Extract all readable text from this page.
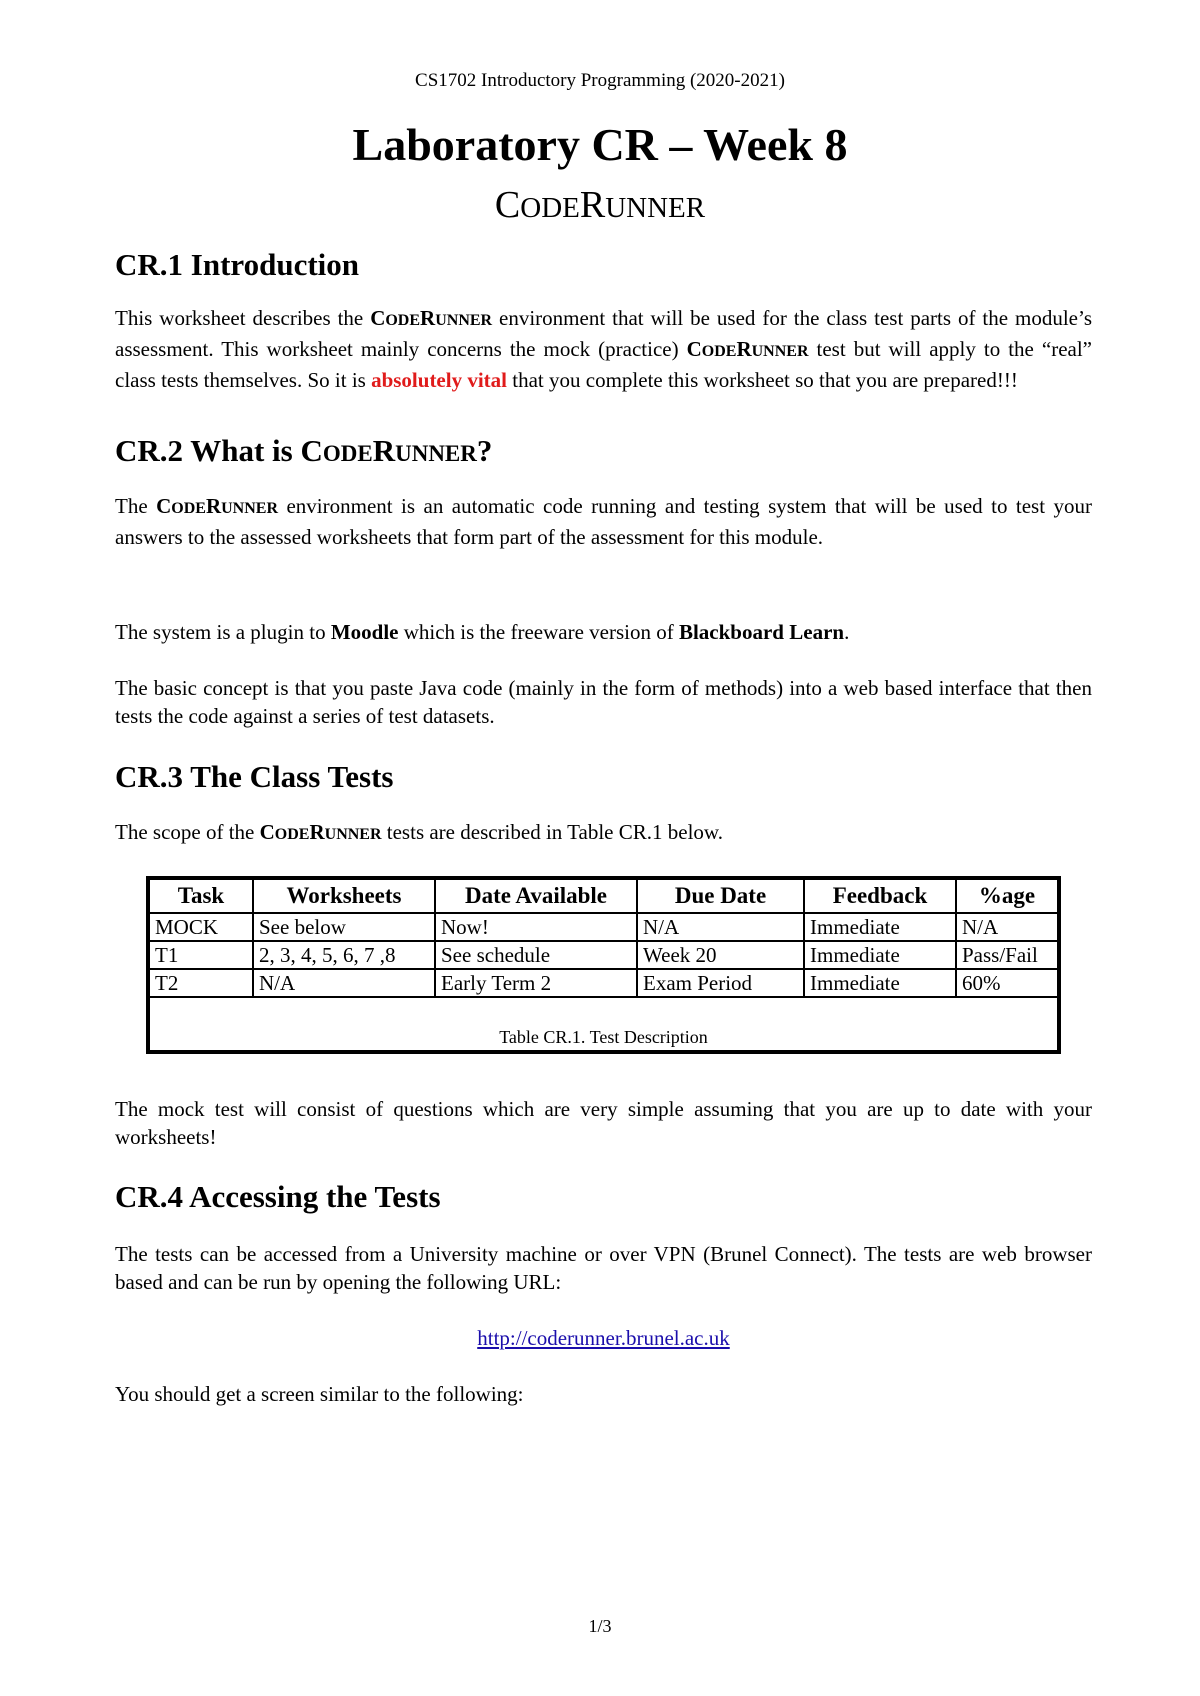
CS1702 Introductory Programming (2020-2021)
Laboratory CR – Week 8
CODERUNNER
CR.1 Introduction

This worksheet describes the CODERUNNER environment that will be used for the class test parts of the module’s assessment. This worksheet mainly concerns the mock (practice) CODERUNNER test but will apply to the “real” class tests themselves. So it is absolutely vital that you complete this worksheet so that you are prepared!!!

CR.2 What is CODERUNNER?

The CODERUNNER environment is an automatic code running and testing system that will be used to test your answers to the assessed worksheets that form part of the assessment for this module.

The system is a plugin to Moodle which is the freeware version of Blackboard Learn.

The basic concept is that you paste Java code (mainly in the form of methods) into a web based interface that then tests the code against a series of test datasets.

CR.3 The Class Tests

The scope of the CODERUNNER tests are described in Table CR.1 below.

Task	Worksheets	Date Available	Due Date	Feedback	%age
MOCK	See below	Now!	N/A	Immediate	N/A
T1	2, 3, 4, 5, 6, 7 ,8	See schedule	Week 20	Immediate	Pass/Fail
T2	N/A	Early Term 2	Exam Period	Immediate	60%
Table CR.1. Test Description					

The mock test will consist of questions which are very simple assuming that you are up to date with your worksheets!

CR.4 Accessing the Tests

The tests can be accessed from a University machine or over VPN (Brunel Connect). The tests are web browser based and can be run by opening the following URL:

http://coderunner.brunel.ac.uk

You should get a screen similar to the following:

1/3
